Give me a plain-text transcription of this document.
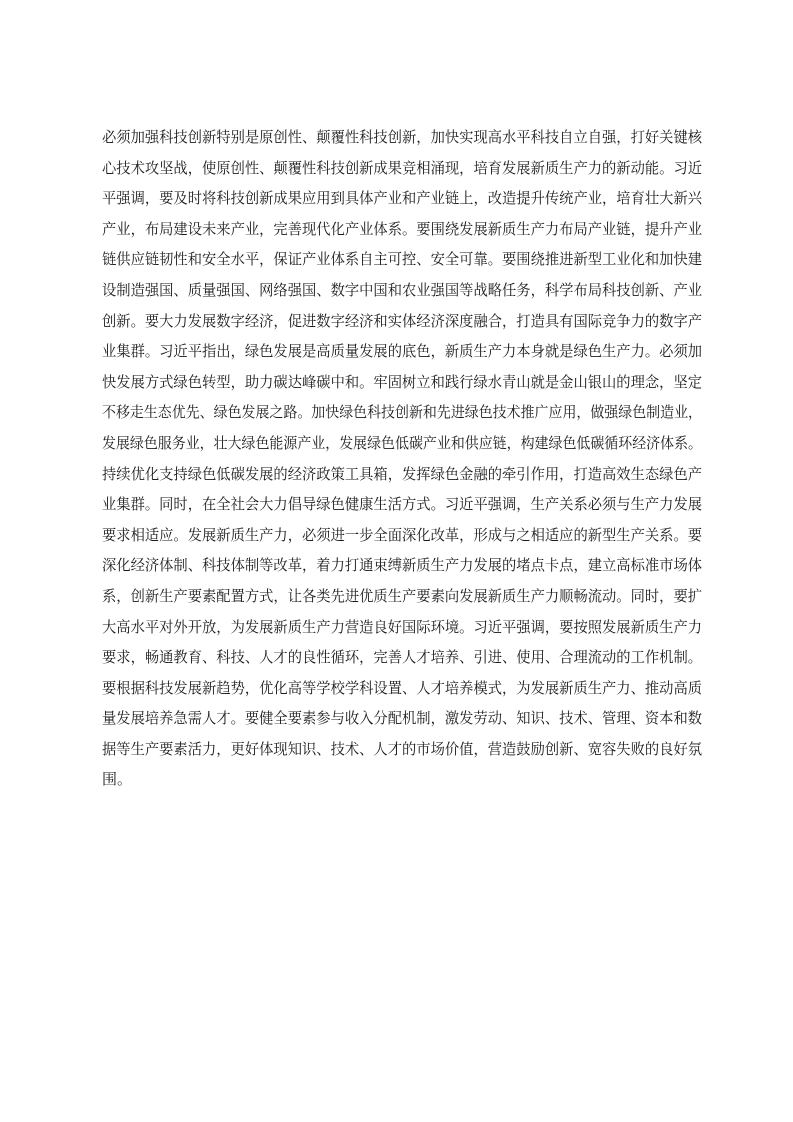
必须加强科技创新特别是原创性、颠覆性科技创新，加快实现高水平科技自立自强，打好关键核
心技术攻坚战，使原创性、颠覆性科技创新成果竞相涌现，培育发展新质生产力的新动能。习近
平强调，要及时将科技创新成果应用到具体产业和产业链上，改造提升传统产业，培育壮大新兴
产业，布局建设未来产业，完善现代化产业体系。要围绕发展新质生产力布局产业链，提升产业
链供应链韧性和安全水平，保证产业体系自主可控、安全可靠。要围绕推进新型工业化和加快建
设制造强国、质量强国、网络强国、数字中国和农业强国等战略任务，科学布局科技创新、产业
创新。要大力发展数字经济，促进数字经济和实体经济深度融合，打造具有国际竞争力的数字产
业集群。习近平指出，绿色发展是高质量发展的底色，新质生产力本身就是绿色生产力。必须加
快发展方式绿色转型，助力碳达峰碳中和。牢固树立和践行绿水青山就是金山银山的理念，坚定
不移走生态优先、绿色发展之路。加快绿色科技创新和先进绿色技术推广应用，做强绿色制造业，
发展绿色服务业，壮大绿色能源产业，发展绿色低碳产业和供应链，构建绿色低碳循环经济体系。
持续优化支持绿色低碳发展的经济政策工具箱，发挥绿色金融的牵引作用，打造高效生态绿色产
业集群。同时，在全社会大力倡导绿色健康生活方式。习近平强调，生产关系必须与生产力发展
要求相适应。发展新质生产力，必须进一步全面深化改革，形成与之相适应的新型生产关系。要
深化经济体制、科技体制等改革，着力打通束缚新质生产力发展的堵点卡点，建立高标准市场体
系，创新生产要素配置方式，让各类先进优质生产要素向发展新质生产力顺畅流动。同时，要扩
大高水平对外开放，为发展新质生产力营造良好国际环境。习近平强调，要按照发展新质生产力
要求，畅通教育、科技、人才的良性循环，完善人才培养、引进、使用、合理流动的工作机制。
要根据科技发展新趋势，优化高等学校学科设置、人才培养模式，为发展新质生产力、推动高质
量发展培养急需人才。要健全要素参与收入分配机制，激发劳动、知识、技术、管理、资本和数
据等生产要素活力，更好体现知识、技术、人才的市场价值，营造鼓励创新、宽容失败的良好氛
围。
